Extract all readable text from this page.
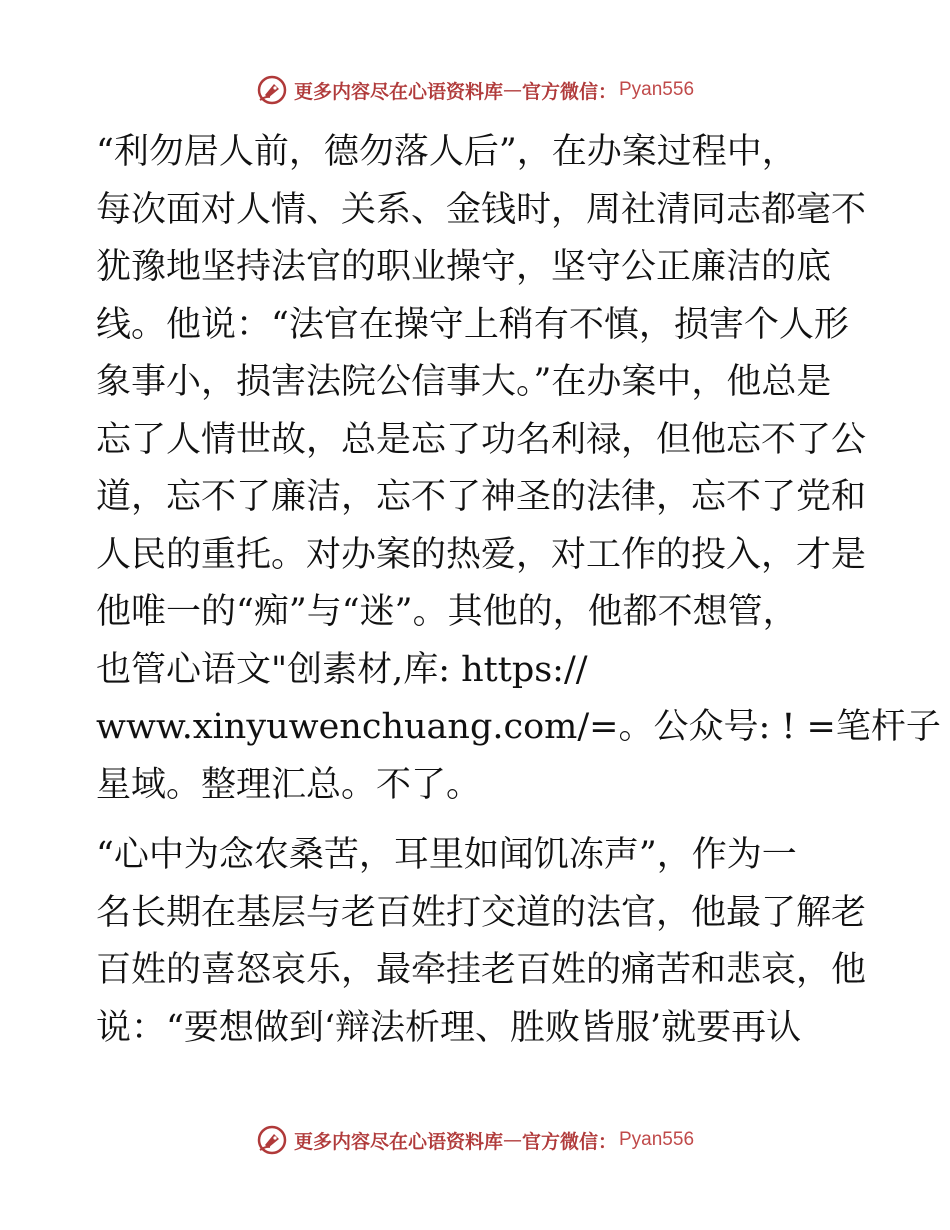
更多内容尽在心语资料库 — 官方微信： Pyan556

“利勿居人前，德勿落人后”，在办案过程中，
每次面对人情、关系、金钱时，周社清同志都毫不
犹豫地坚持法官的职业操守，坚守公正廉洁的底
线。他说：“法官在操守上稍有不慎，损害个人形
象事小，损害法院公信事大。”在办案中，他总是
忘了人情世故，总是忘了功名利禄，但他忘不了公
道，忘不了廉洁，忘不了神圣的法律，忘不了党和
人民的重托。对办案的热爱，对工作的投入，才是
他唯一的“痴”与“迷”。其他的，他都不想管，
也管心语文"创素材,库: https://
www.xinyuwenchuang.com/=。公众号: ! =笔杆子
星域。整理汇总。不了。

“心中为念农桑苦，耳里如闻饥冻声”，作为一
名长期在基层与老百姓打交道的法官，他最了解老
百姓的喜怒哀乐，最牵挂老百姓的痛苦和悲哀，他
说：“要想做到‘辩法析理、胜败皆服’就要再认

更多内容尽在心语资料库 — 官方微信： Pyan556
